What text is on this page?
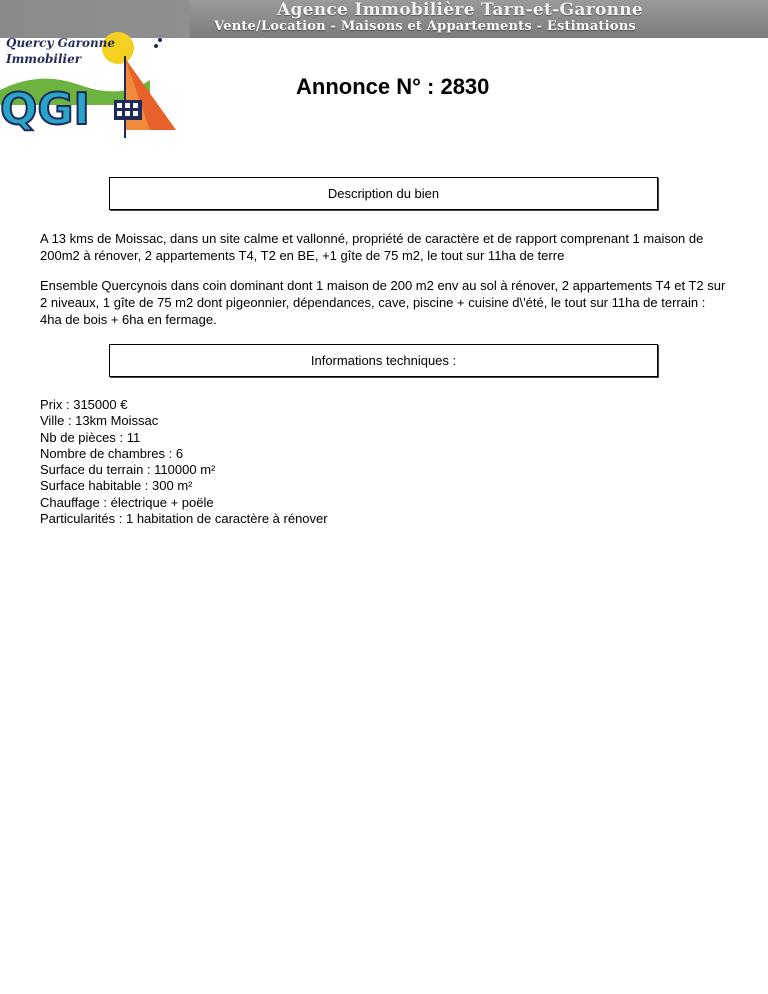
Agence Immobilière Tarn-et-Garonne
Vente/Location - Maisons et Appartements - Estimations
QGI
Quercy Garonne
Immobilier
Annonce N° : 2830
Description du bien
A 13 kms de Moissac, dans un site calme et vallonné, propriété de caractère et de rapport comprenant 1 maison de 200m2 à rénover, 2 appartements T4, T2 en BE, +1 gîte de 75 m2, le tout sur 11ha de terre
Ensemble Quercynois dans coin dominant dont 1 maison de 200 m2 env au sol à rénover, 2 appartements T4 et T2 sur 2 niveaux, 1 gîte de 75 m2 dont pigeonnier, dépendances, cave, piscine + cuisine d\'été, le tout sur 11ha de terrain : 4ha de bois + 6ha en fermage.
Informations techniques :
Prix : 315000 €
Ville : 13km Moissac
Nb de pièces : 11
Nombre de chambres : 6
Surface du terrain : 110000 m²
Surface habitable : 300 m²
Chauffage : électrique + poële
Particularités : 1 habitation de caractère à rénover
